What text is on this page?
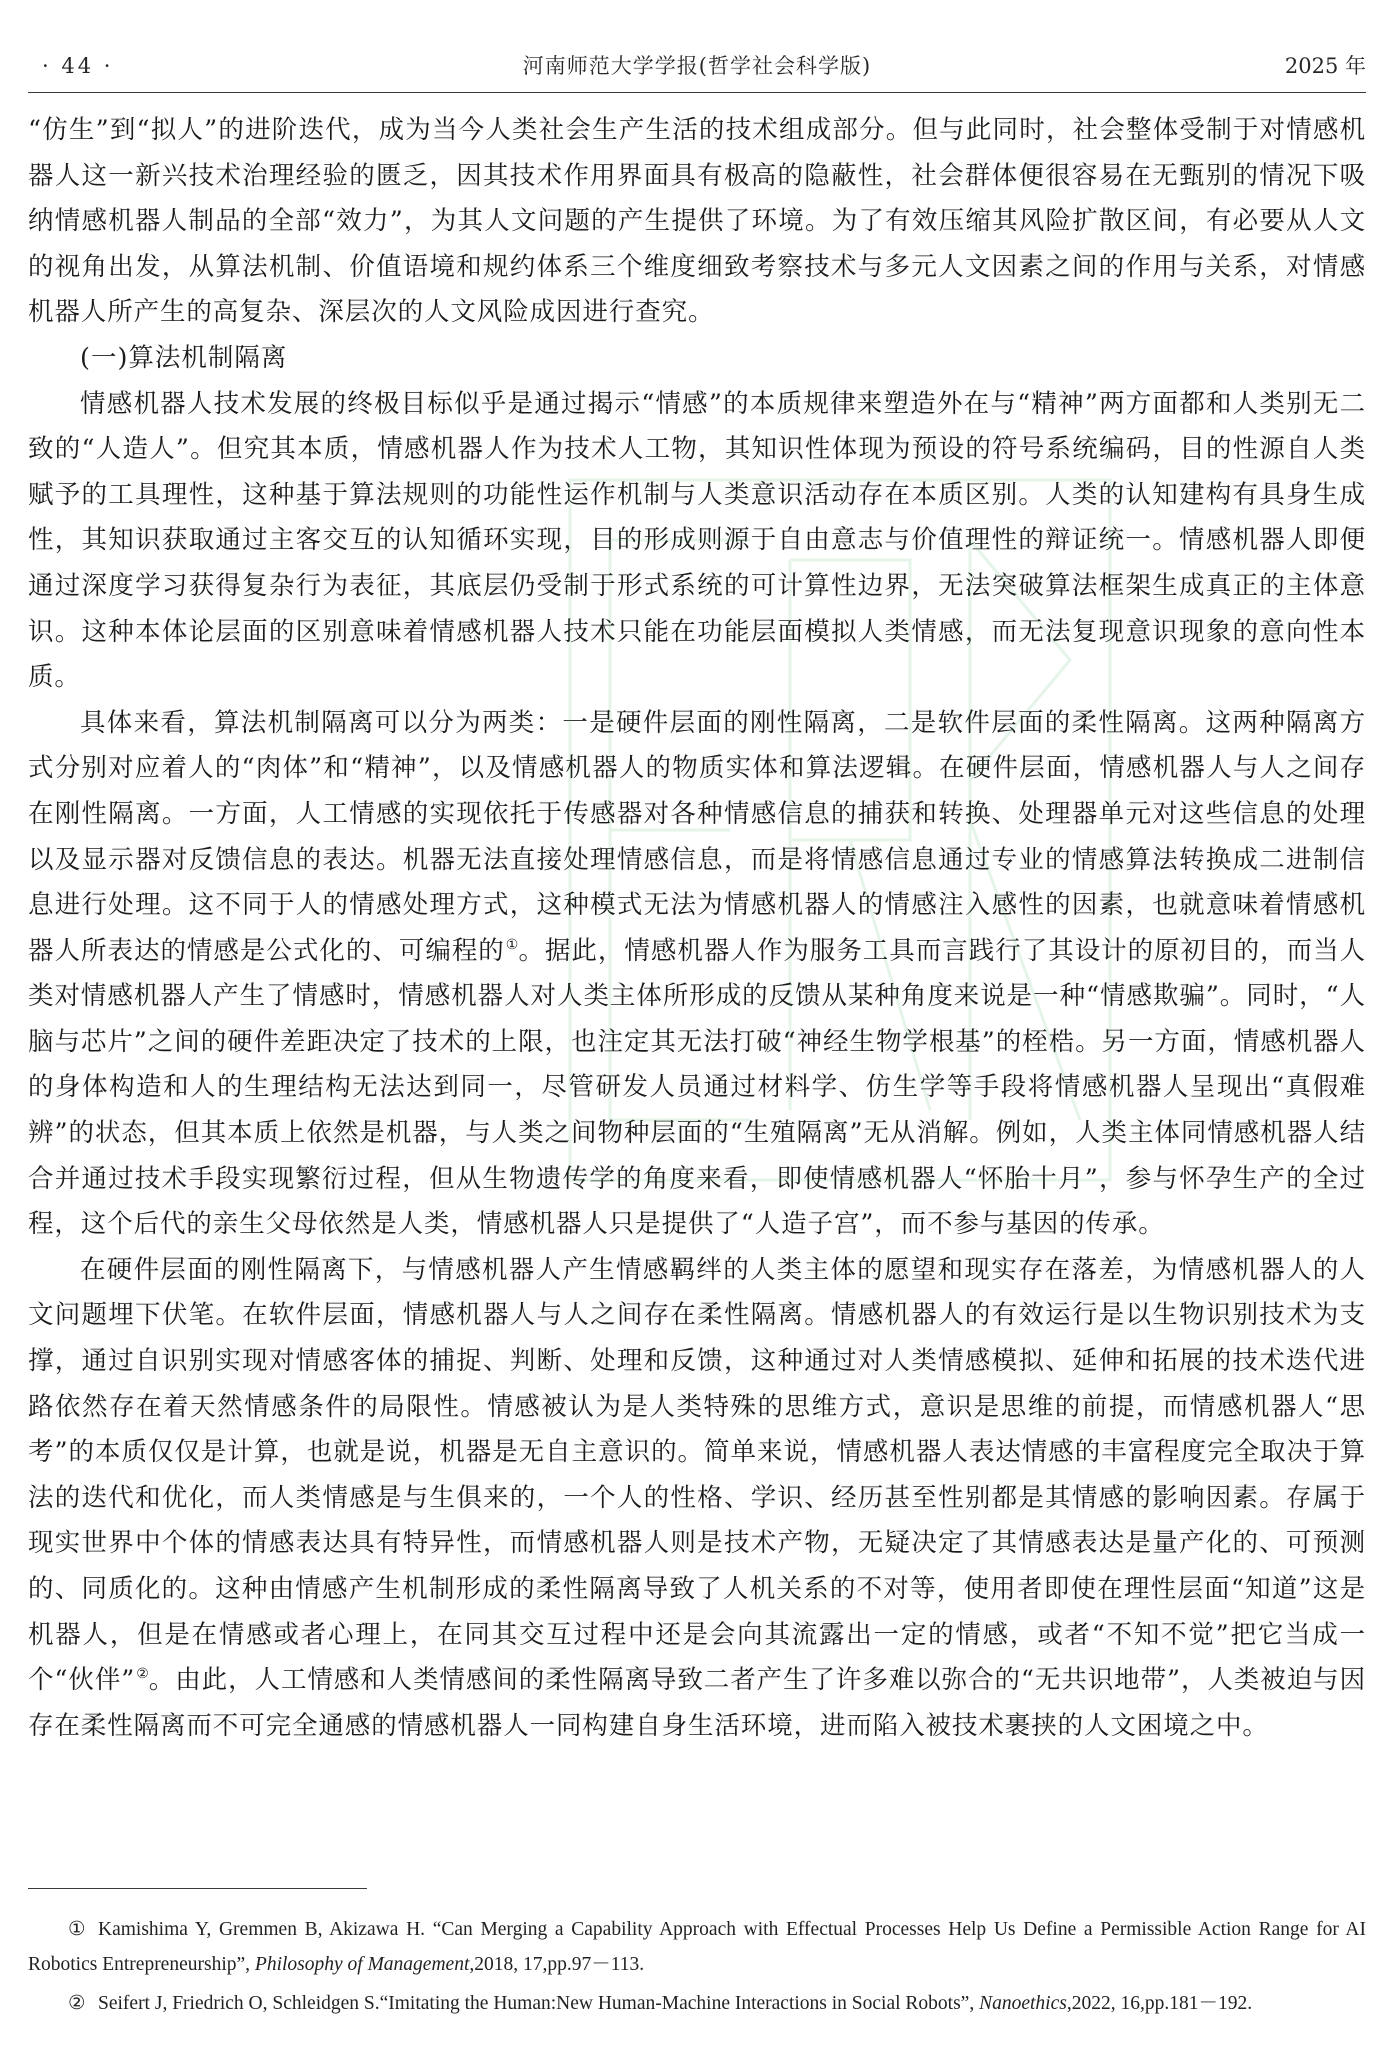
· 44 ·	河南师范大学学报(哲学社会科学版)	2025 年

“仿生”到“拟人”的进阶迭代，成为当今人类社会生产生活的技术组成部分。但与此同时，社会整体受制于对情感机器人这一新兴技术治理经验的匮乏，因其技术作用界面具有极高的隐蔽性，社会群体便很容易在无甄别的情况下吸纳情感机器人制品的全部“效力”，为其人文问题的产生提供了环境。为了有效压缩其风险扩散区间，有必要从人文的视角出发，从算法机制、价值语境和规约体系三个维度细致考察技术与多元人文因素之间的作用与关系，对情感机器人所产生的高复杂、深层次的人文风险成因进行查究。

(一)算法机制隔离

情感机器人技术发展的终极目标似乎是通过揭示“情感”的本质规律来塑造外在与“精神”两方面都和人类别无二致的“人造人”。但究其本质，情感机器人作为技术人工物，其知识性体现为预设的符号系统编码，目的性源自人类赋予的工具理性，这种基于算法规则的功能性运作机制与人类意识活动存在本质区别。人类的认知建构有具身生成性，其知识获取通过主客交互的认知循环实现，目的形成则源于自由意志与价值理性的辩证统一。情感机器人即便通过深度学习获得复杂行为表征，其底层仍受制于形式系统的可计算性边界，无法突破算法框架生成真正的主体意识。这种本体论层面的区别意味着情感机器人技术只能在功能层面模拟人类情感，而无法复现意识现象的意向性本质。

具体来看，算法机制隔离可以分为两类：一是硬件层面的刚性隔离，二是软件层面的柔性隔离。这两种隔离方式分别对应着人的“肉体”和“精神”，以及情感机器人的物质实体和算法逻辑。在硬件层面，情感机器人与人之间存在刚性隔离。一方面，人工情感的实现依托于传感器对各种情感信息的捕获和转换、处理器单元对这些信息的处理以及显示器对反馈信息的表达。机器无法直接处理情感信息，而是将情感信息通过专业的情感算法转换成二进制信息进行处理。这不同于人的情感处理方式，这种模式无法为情感机器人的情感注入感性的因素，也就意味着情感机器人所表达的情感是公式化的、可编程的①。据此，情感机器人作为服务工具而言践行了其设计的原初目的，而当人类对情感机器人产生了情感时，情感机器人对人类主体所形成的反馈从某种角度来说是一种“情感欺骗”。同时，“人脑与芯片”之间的硬件差距决定了技术的上限，也注定其无法打破“神经生物学根基”的桎梏。另一方面，情感机器人的身体构造和人的生理结构无法达到同一，尽管研发人员通过材料学、仿生学等手段将情感机器人呈现出“真假难辨”的状态，但其本质上依然是机器，与人类之间物种层面的“生殖隔离”无从消解。例如，人类主体同情感机器人结合并通过技术手段实现繁衍过程，但从生物遗传学的角度来看，即使情感机器人“怀胎十月”，参与怀孕生产的全过程，这个后代的亲生父母依然是人类，情感机器人只是提供了“人造子宫”，而不参与基因的传承。

在硬件层面的刚性隔离下，与情感机器人产生情感羁绊的人类主体的愿望和现实存在落差，为情感机器人的人文问题埋下伏笔。在软件层面，情感机器人与人之间存在柔性隔离。情感机器人的有效运行是以生物识别技术为支撑，通过自识别实现对情感客体的捕捉、判断、处理和反馈，这种通过对人类情感模拟、延伸和拓展的技术迭代进路依然存在着天然情感条件的局限性。情感被认为是人类特殊的思维方式，意识是思维的前提，而情感机器人“思考”的本质仅仅是计算，也就是说，机器是无自主意识的。简单来说，情感机器人表达情感的丰富程度完全取决于算法的迭代和优化，而人类情感是与生俱来的，一个人的性格、学识、经历甚至性别都是其情感的影响因素。存属于现实世界中个体的情感表达具有特异性，而情感机器人则是技术产物，无疑决定了其情感表达是量产化的、可预测的、同质化的。这种由情感产生机制形成的柔性隔离导致了人机关系的不对等，使用者即使在理性层面“知道”这是机器人，但是在情感或者心理上，在同其交互过程中还是会向其流露出一定的情感，或者“不知不觉”把它当成一个“伙伴”②。由此，人工情感和人类情感间的柔性隔离导致二者产生了许多难以弥合的“无共识地带”，人类被迫与因存在柔性隔离而不可完全通感的情感机器人一同构建自身生活环境，进而陷入被技术裹挟的人文困境之中。

① Kamishima Y, Gremmen B, Akizawa H. “Can Merging a Capability Approach with Effectual Processes Help Us Define a Permissible Action Range for AI Robotics Entrepreneurship”, Philosophy of Management,2018, 17,pp.97－113.

② Seifert J, Friedrich O, Schleidgen S.“Imitating the Human:New Human-Machine Interactions in Social Robots”, Nanoethics,2022, 16,pp.181－192.
